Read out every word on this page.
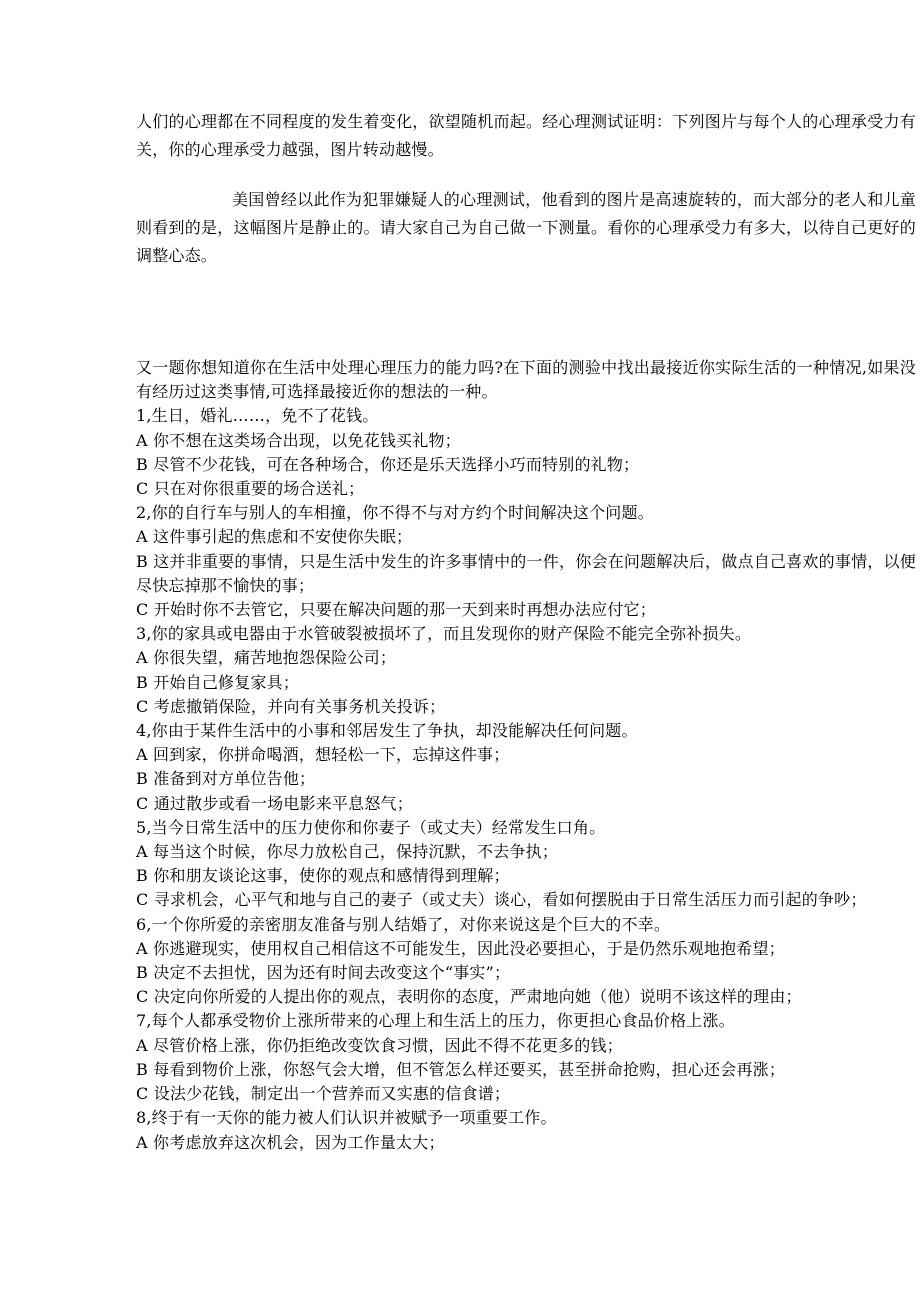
人们的心理都在不同程度的发生着变化，欲望随机而起。经心理测试证明：下列图片与每个人的心理承受力有关，你的心理承受力越强，图片转动越慢。

美国曾经以此作为犯罪嫌疑人的心理测试，他看到的图片是高速旋转的，而大部分的老人和儿童则看到的是，这幅图片是静止的。请大家自己为自己做一下测量。看你的心理承受力有多大，以待自己更好的调整心态。

又一题你想知道你在生活中处理心理压力的能力吗?在下面的测验中找出最接近你实际生活的一种情况,如果没有经历过这类事情,可选择最接近你的想法的一种。

1,生日，婚礼……，免不了花钱。

A 你不想在这类场合出现，以免花钱买礼物；

B 尽管不少花钱，可在各种场合，你还是乐天选择小巧而特别的礼物；

C 只在对你很重要的场合送礼；

2,你的自行车与别人的车相撞，你不得不与对方约个时间解决这个问题。

A 这件事引起的焦虑和不安使你失眠；

B 这并非重要的事情，只是生活中发生的许多事情中的一件，你会在问题解决后，做点自己喜欢的事情，以便尽快忘掉那不愉快的事；

C 开始时你不去管它，只要在解决问题的那一天到来时再想办法应付它；

3,你的家具或电器由于水管破裂被损坏了，而且发现你的财产保险不能完全弥补损失。

A 你很失望，痛苦地抱怨保险公司；

B 开始自己修复家具；

C 考虑撤销保险，并向有关事务机关投诉；

4,你由于某件生活中的小事和邻居发生了争执，却没能解决任何问题。

A 回到家，你拼命喝酒，想轻松一下，忘掉这件事；

B 准备到对方单位告他；

C 通过散步或看一场电影来平息怒气；

5,当今日常生活中的压力使你和你妻子（或丈夫）经常发生口角。

A 每当这个时候，你尽力放松自己，保持沉默，不去争执；

B 你和朋友谈论这事，使你的观点和感情得到理解；

C 寻求机会，心平气和地与自己的妻子（或丈夫）谈心，看如何摆脱由于日常生活压力而引起的争吵；

6,一个你所爱的亲密朋友准备与别人结婚了，对你来说这是个巨大的不幸。

A 你逃避现实，使用权自己相信这不可能发生，因此没必要担心，于是仍然乐观地抱希望；

B 决定不去担忧，因为还有时间去改变这个“事实”；

C 决定向你所爱的人提出你的观点，表明你的态度，严肃地向她（他）说明不该这样的理由；

7,每个人都承受物价上涨所带来的心理上和生活上的压力，你更担心食品价格上涨。

A 尽管价格上涨，你仍拒绝改变饮食习惯，因此不得不花更多的钱；

B 每看到物价上涨，你怒气会大增，但不管怎么样还要买，甚至拼命抢购，担心还会再涨；

C 设法少花钱，制定出一个营养而又实惠的信食谱；

8,终于有一天你的能力被人们认识并被赋予一项重要工作。

A 你考虑放弃这次机会，因为工作量太大；
